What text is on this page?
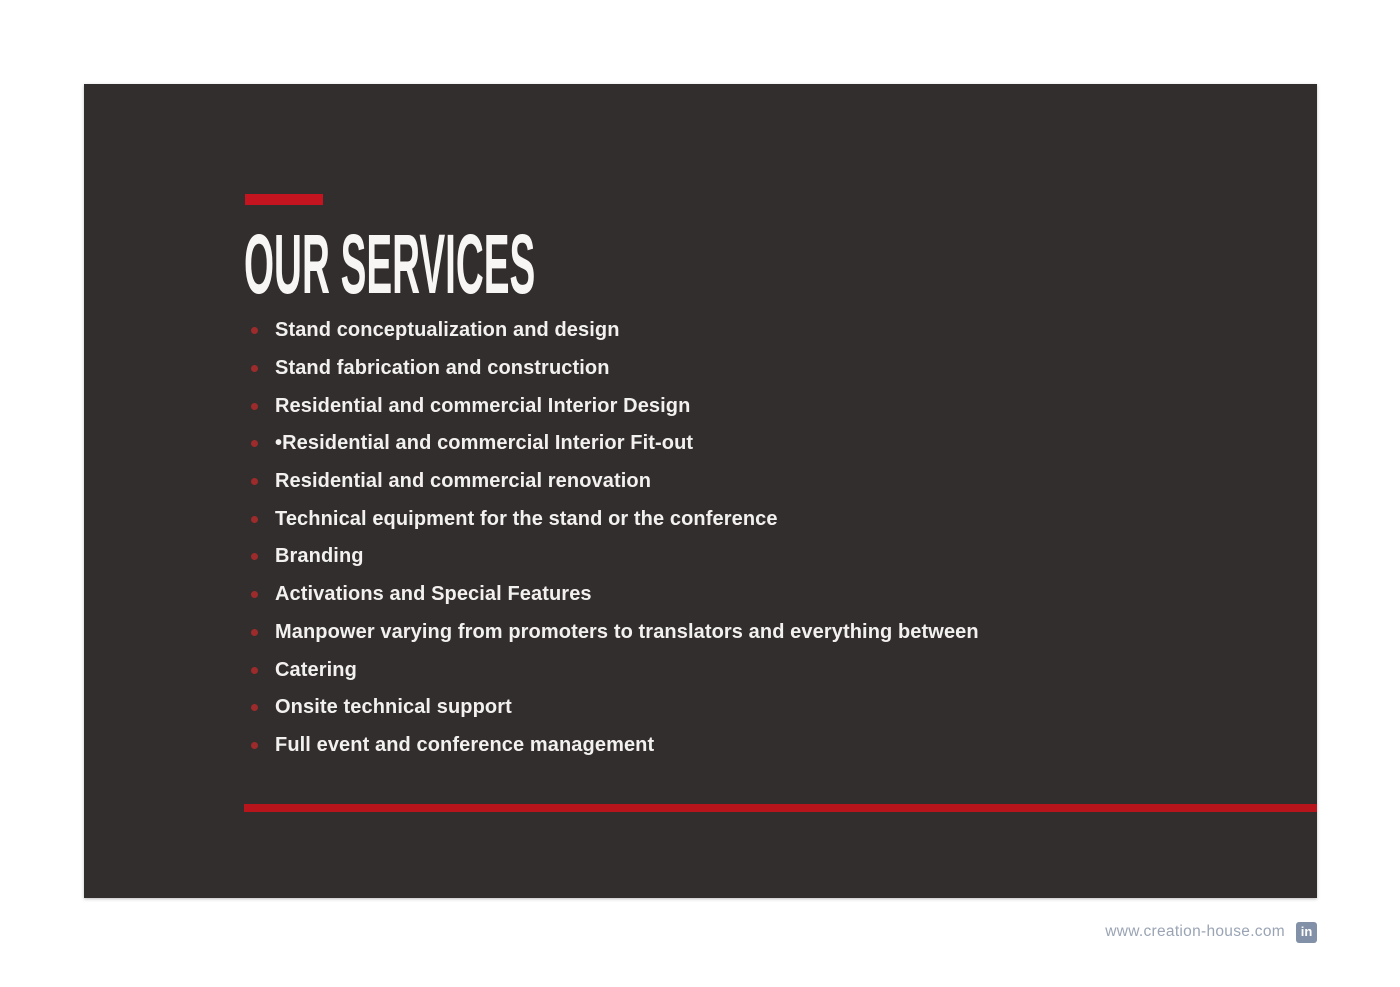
OUR SERVICES
Stand conceptualization and design
Stand fabrication and construction
Residential and commercial Interior Design
•Residential and commercial Interior Fit-out
Residential and commercial renovation
Technical equipment for the stand or the conference
Branding
Activations and Special Features
Manpower varying from promoters to translators and everything between
Catering
Onsite technical support
Full event and conference management
www.creation-house.com	in
